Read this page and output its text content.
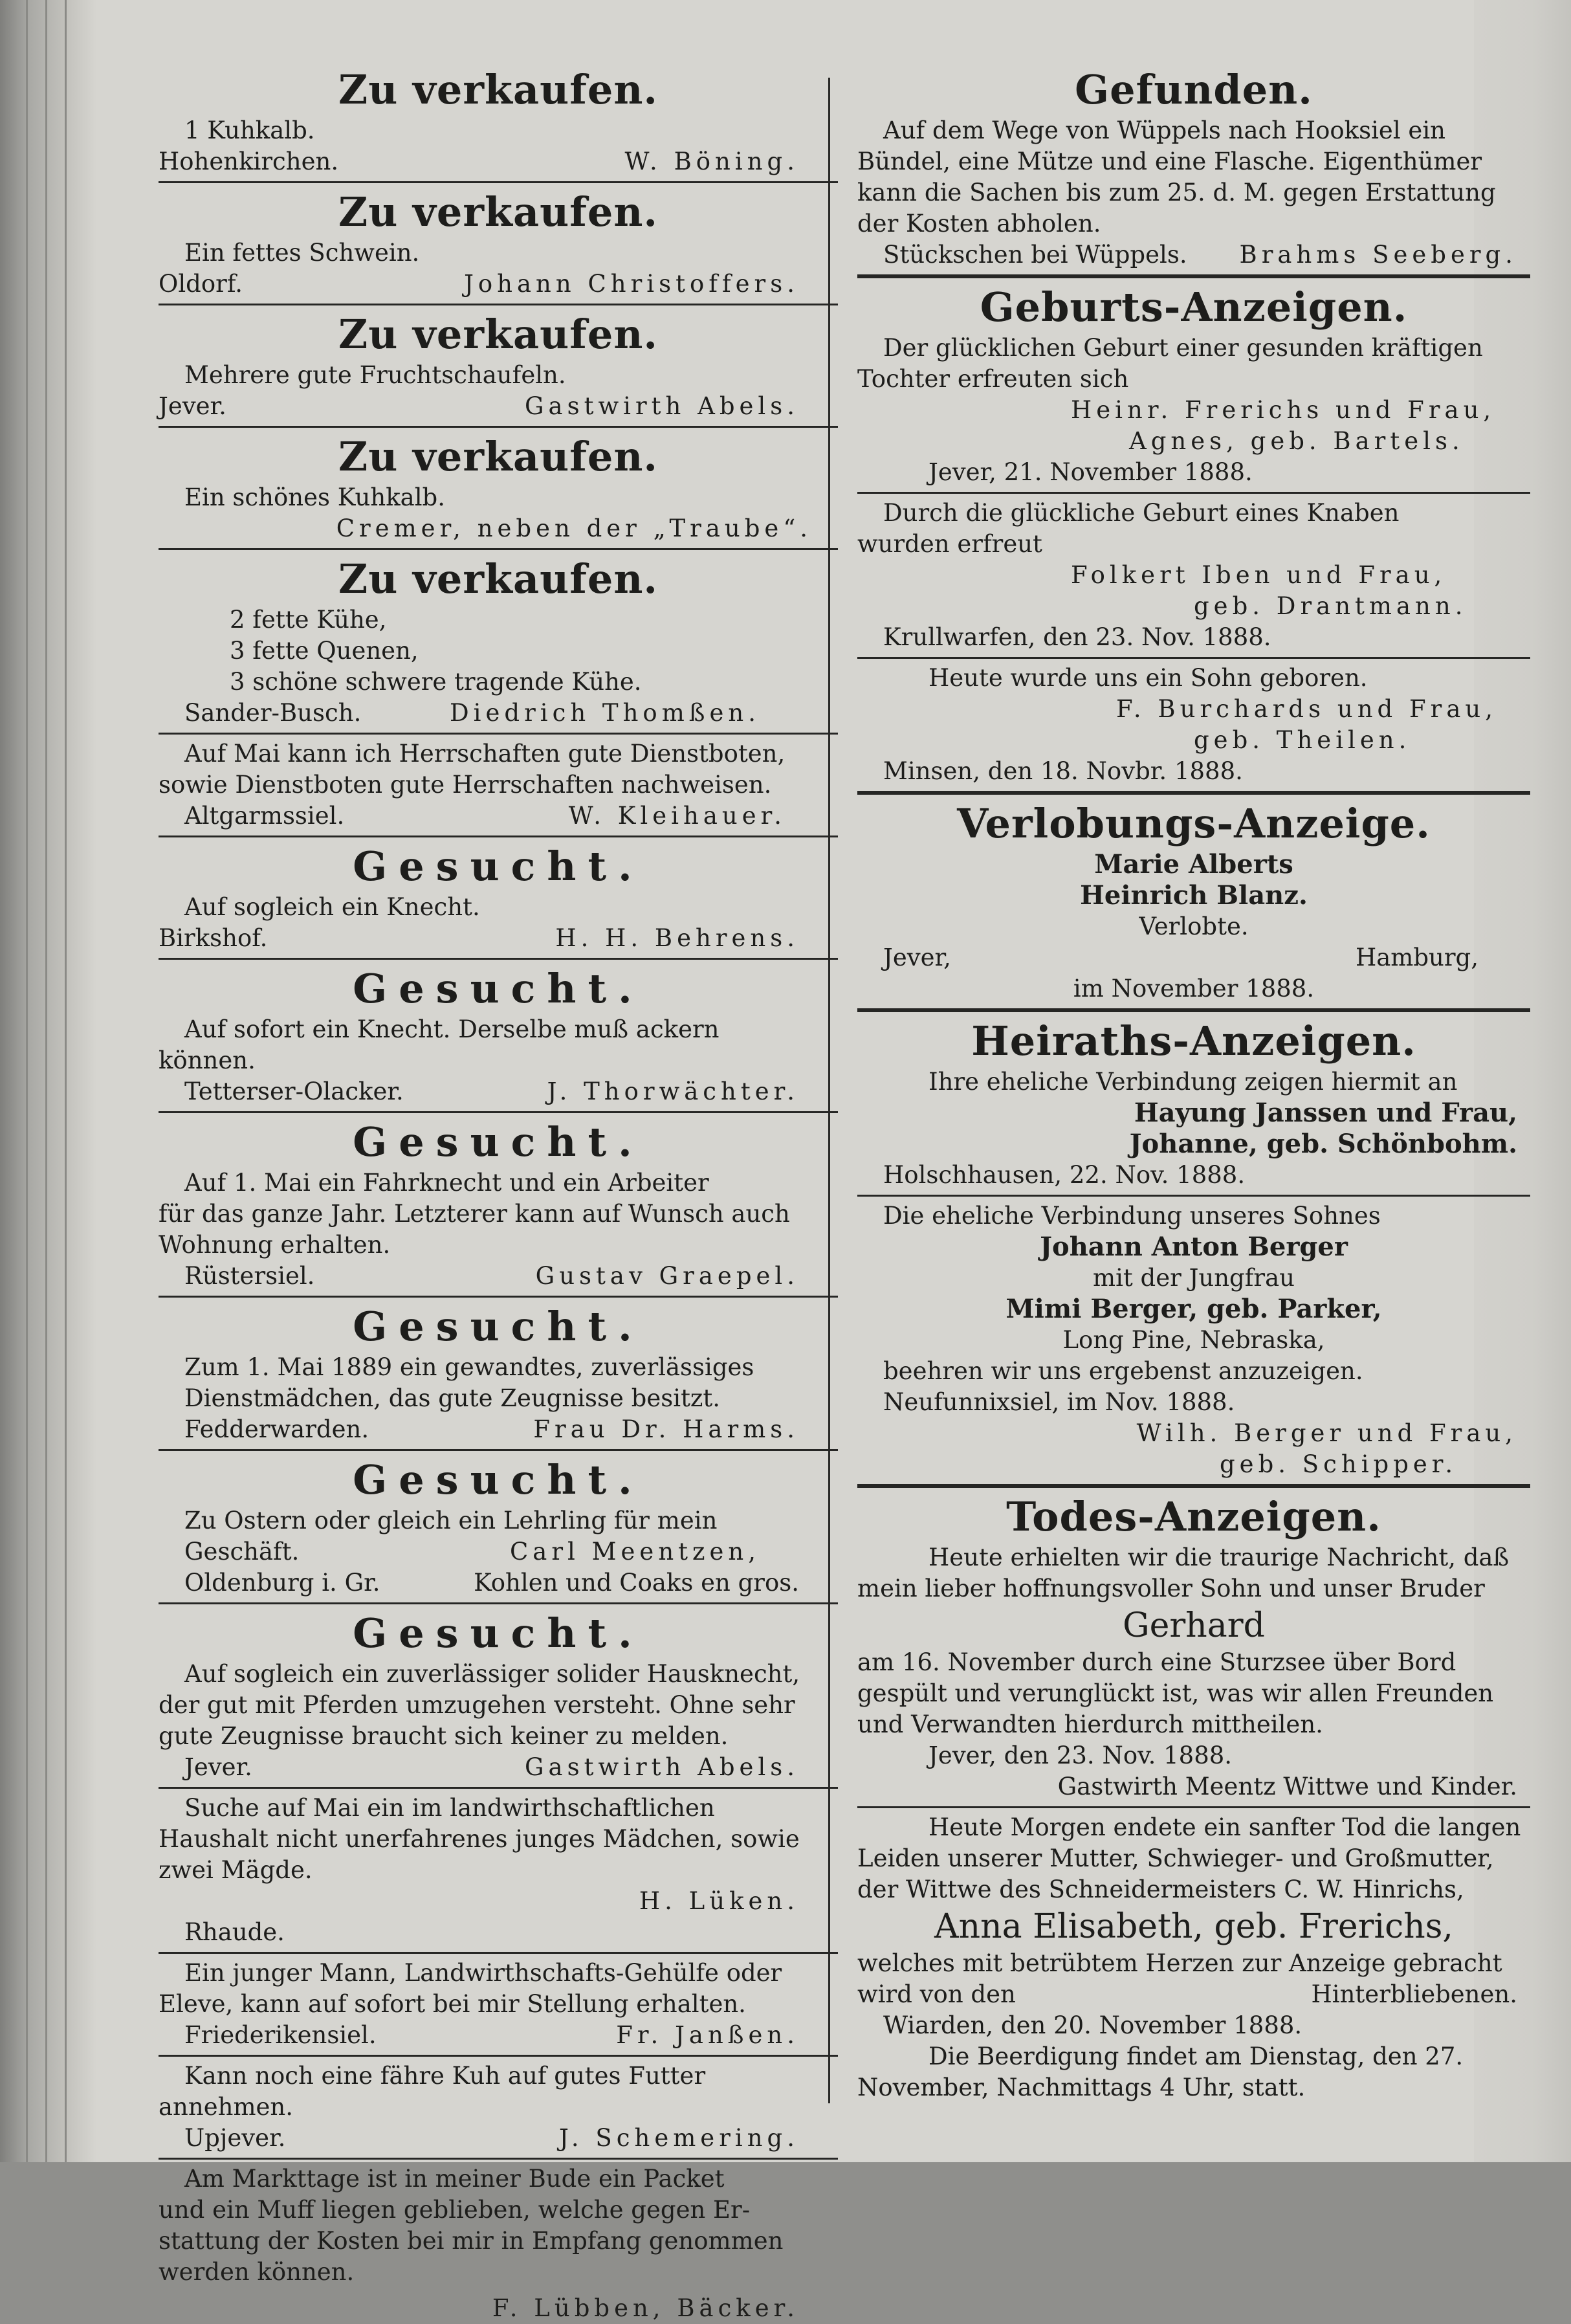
Zu verkaufen.

1 Kuhkalb.

Hohenkirchen.	W. Böning.

Zu verkaufen.

Ein fettes Schwein.

Oldorf.	Johann Christoffers.

Zu verkaufen.

Mehrere gute Fruchtschaufeln.

Jever.	Gastwirth Abels.

Zu verkaufen.

Ein schönes Kuhkalb.

Cremer, neben der „Traube“.

Zu verkaufen.

2 fette Kühe,

3 fette Quenen,

3 schöne schwere tragende Kühe.

Sander-Busch.	Diedrich Thomßen.

Auf Mai kann ich Herrschaften gute Dienstboten,

sowie Dienstboten gute Herrschaften nachweisen.

Altgarmssiel.	W. Kleihauer.

Gesucht.

Auf sogleich ein Knecht.

Birkshof.	H. H. Behrens.

Gesucht.

Auf sofort ein Knecht. Derselbe muß ackern

können.

Tetterser-Olacker.	J. Thorwächter.

Gesucht.

Auf 1. Mai ein Fahrknecht und ein Arbeiter

für das ganze Jahr. Letzterer kann auf Wunsch auch

Wohnung erhalten.

Rüstersiel.	Gustav Graepel.

Gesucht.

Zum 1. Mai 1889 ein gewandtes, zuverlässiges

Dienstmädchen, das gute Zeugnisse besitzt.

Fedderwarden.	Frau Dr. Harms.

Gesucht.

Zu Ostern oder gleich ein Lehrling für mein

Geschäft.	Carl Meentzen,

Oldenburg i. Gr.	Kohlen und Coaks en gros.

Gesucht.

Auf sogleich ein zuverlässiger solider Hausknecht,

der gut mit Pferden umzugehen versteht. Ohne sehr

gute Zeugnisse braucht sich keiner zu melden.

Gastwirth Abels.

Jever.

Suche auf Mai ein im landwirthschaftlichen

Haushalt nicht unerfahrenes junges Mädchen, sowie

zwei Mägde.

H. Lüken.

Rhaude.

Ein junger Mann, Landwirthschafts-Gehülfe oder

Eleve, kann auf sofort bei mir Stellung erhalten.

Friederikensiel.	Fr. Janßen.

Kann noch eine fähre Kuh auf gutes Futter

annehmen.

Upjever.	J. Schemering.

Am Markttage ist in meiner Bude ein Packet

und ein Muff liegen geblieben, welche gegen Er-

stattung der Kosten bei mir in Empfang genommen

werden können.

F. Lübben, Bäcker.

Gefunden.

Auf dem Wege von Wüppels nach Hooksiel ein

Bündel, eine Mütze und eine Flasche. Eigenthümer

kann die Sachen bis zum 25. d. M. gegen Erstattung

der Kosten abholen.

Stückschen bei Wüppels. Brahms Seeberg.

Geburts-Anzeigen.

Der glücklichen Geburt einer gesunden kräftigen

Tochter erfreuten sich

Heinr. Frerichs und Frau,

Agnes, geb. Bartels.

Jever, 21. November 1888.

Durch die glückliche Geburt eines Knaben

wurden erfreut

Folkert Iben und Frau,

geb. Drantmann.

Krullwarfen, den 23. Nov. 1888.

Heute wurde uns ein Sohn geboren.

F. Burchards und Frau,

geb. Theilen.

Minsen, den 18. Novbr. 1888.

Verlobungs-Anzeige.

Marie Alberts

Heinrich Blanz.

Verlobte.

Jever,	Hamburg,

im November 1888.

Heiraths-Anzeigen.

Ihre eheliche Verbindung zeigen hiermit an

Hayung Janssen und Frau,

Johanne, geb. Schönbohm.

Holschhausen, 22. Nov. 1888.

Die eheliche Verbindung unseres Sohnes

Johann Anton Berger

mit der Jungfrau

Mimi Berger, geb. Parker,

Long Pine, Nebraska,

beehren wir uns ergebenst anzuzeigen.

Neufunnixsiel, im Nov. 1888.

Wilh. Berger und Frau,

geb. Schipper.

Todes-Anzeigen.

Heute erhielten wir die traurige Nachricht, daß

mein lieber hoffnungsvoller Sohn und unser Bruder

Gerhard

am 16. November durch eine Sturzsee über Bord

gespült und verunglückt ist, was wir allen Freunden

und Verwandten hierdurch mittheilen.

Jever, den 23. Nov. 1888.

Gastwirth Meentz Wittwe und Kinder.

Heute Morgen endete ein sanfter Tod die langen

Leiden unserer Mutter, Schwieger- und Großmutter,

der Wittwe des Schneidermeisters C. W. Hinrichs,

Anna Elisabeth, geb. Frerichs,

welches mit betrübtem Herzen zur Anzeige gebracht

wird von den	Hinterbliebenen.

Wiarden, den 20. November 1888.

Die Beerdigung findet am Dienstag, den 27.

November, Nachmittags 4 Uhr, statt.
